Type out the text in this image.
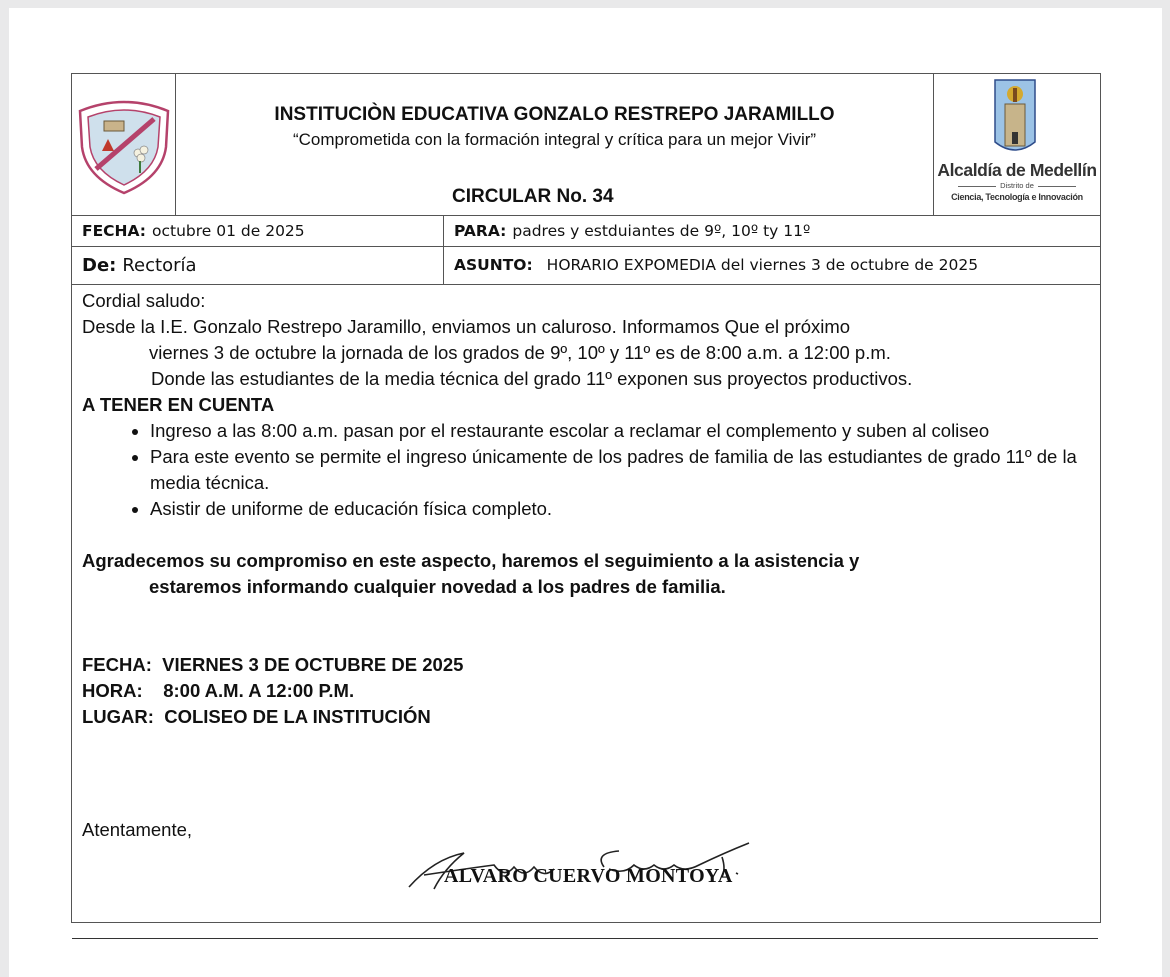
INSTITUCIÒN EDUCATIVA GONZALO RESTREPO JARAMILLO
“Comprometida con la formación integral y crítica para un mejor Vivir”
CIRCULAR No. 34
Alcaldía de Medellín
Distrito de
Ciencia, Tecnología e Innovación
FECHA: octubre 01 de 2025	PARA: padres y estduiantes de 9º, 10º ty 11º
De: Rectoría	ASUNTO: HORARIO EXPOMEDIA del viernes 3 de octubre de 2025

Cordial saludo:

Desde la I.E. Gonzalo Restrepo Jaramillo, enviamos un caluroso. Informamos Que el próximo

viernes 3 de octubre la jornada de los grados de 9º, 10º y 11º es de 8:00 a.m. a 12:00 p.m.

Donde las estudiantes de la media técnica del grado 11º exponen sus proyectos productivos.

A TENER EN CUENTA

• Ingreso a las 8:00 a.m. pasan por el restaurante escolar a reclamar el complemento y suben al coliseo
• Para este evento se permite el ingreso únicamente de los padres de familia de las estudiantes de grado 11º de la media técnica.
• Asistir de uniforme de educación física completo.

Agradecemos su compromiso en este aspecto, haremos el seguimiento a la asistencia y

estaremos informando cualquier novedad a los padres de familia.

FECHA: VIERNES 3 DE OCTUBRE DE 2025

HORA: 8:00 A.M. A 12:00 P.M.

LUGAR: COLISEO DE LA INSTITUCIÓN

Atentamente,
ALVARO CUERVO MONTOYA
